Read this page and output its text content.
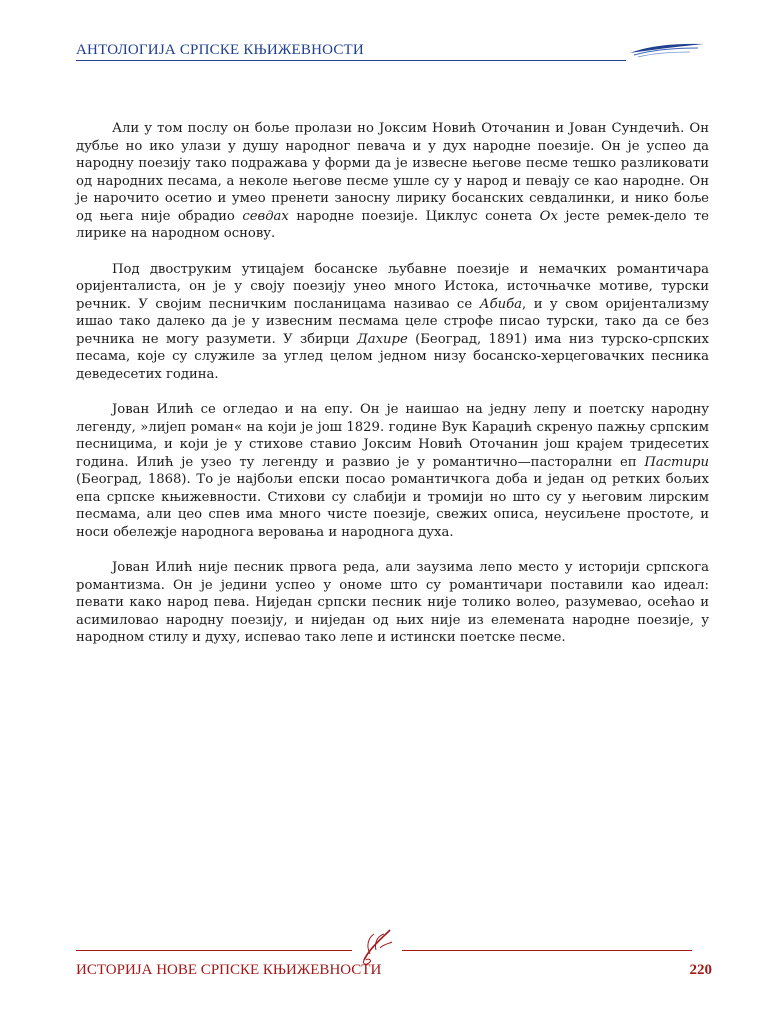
АНТОЛОГИЈА СРПСКЕ КЊИЖЕВНОСТИ

Али у том послу он боље пролази но Јоксим Новић Оточанин и Јован Сундечић. Он дубље но ико улази у душу народног певача и у дух народне поезије. Он је успео да народну поезију тако подражава у форми да је извесне његове песме тешко разликовати од народних песама, а неколе његове песме ушле су у народ и певају се као народне. Он је нарочито осетио и умео пренети заносну лирику босанских севдалинки, и нико боље од њега није обрадио севдах народне поезије. Циклус сонета Ох јесте ремек-дело те лирике на народном основу.

Под двоструким утицајем босанске љубавне поезије и немачких романтичара оријенталиста, он је у своју поезију унео много Истока, источњачке мотиве, турски речник. У својим песничким посланицама називао се Абиба, и у свом оријентализму ишао тако далеко да је у извесним песмама целе строфе писао турски, тако да се без речника не могу разумети. У збирци Дахире (Београд, 1891) има низ турско-српских песама, које су служиле за углед целом једном низу босанско-херцеговачких песника деведесетих година.

Јован Илић се огледао и на епу. Он је наишао на једну лепу и поетску народну легенду, »лијеп роман« на који је још 1829. године Вук Караџић скренуо пажњу српским песницима, и који је у стихове ставио Јоксим Новић Оточанин још крајем тридесетих година. Илић је узео ту легенду и развио је у романтично—пасторални еп Пастири (Београд, 1868). То је најбољи епски посао романтичкога доба и један од ретких бољих епа српске књижевности. Стихови су слабији и тромији но што су у његовим лирским песмама, али цео спев има много чисте поезије, свежих описа, неусиљене простоте, и носи обележје народнога веровања и народнога духа.

Јован Илић није песник првога реда, али заузима лепо место у историји српскога романтизма. Он је једини успео у ономе што су романтичари поставили као идеал: певати како народ пева. Ниједан српски песник није толико волео, разумевао, осећао и асимиловао народну поезију, и ниједан од њих није из елемената народне поезије, у народном стилу и духу, испевао тако лепе и истински поетске песме.

ИСТОРИЈА НОВЕ СРПСКЕ КЊИЖЕВНОСТИ	220
